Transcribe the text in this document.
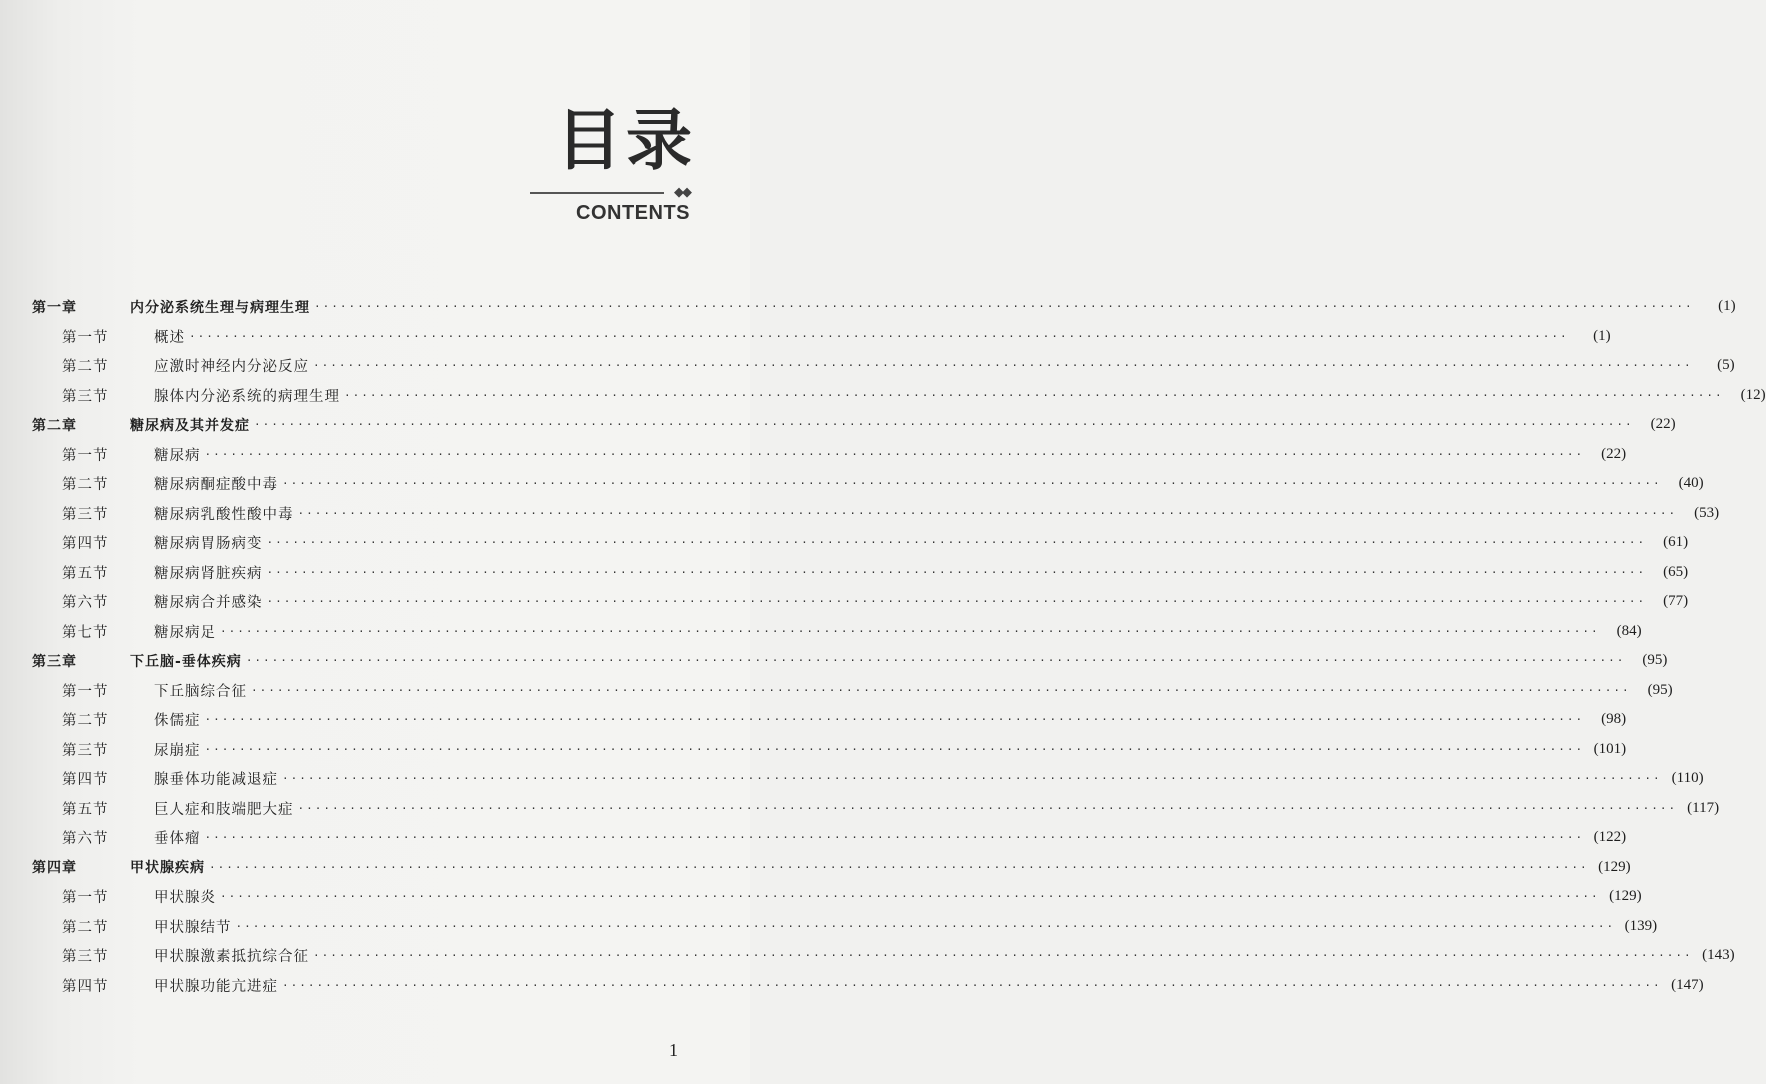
目录
◆◆
CONTENTS
第一章	内分泌系统生理与病理生理 ································································································································································	(1)
第一节	概述 ································································································································································	(1)
第二节	应激时神经内分泌反应 ································································································································································	(5)
第三节	腺体内分泌系统的病理生理 ································································································································································	(12)
第二章	糖尿病及其并发症 ································································································································································	(22)
第一节	糖尿病 ································································································································································	(22)
第二节	糖尿病酮症酸中毒 ································································································································································	(40)
第三节	糖尿病乳酸性酸中毒 ································································································································································	(53)
第四节	糖尿病胃肠病变 ································································································································································	(61)
第五节	糖尿病肾脏疾病 ································································································································································	(65)
第六节	糖尿病合并感染 ································································································································································	(77)
第七节	糖尿病足 ································································································································································	(84)
第三章	下丘脑-垂体疾病 ································································································································································	(95)
第一节	下丘脑综合征 ································································································································································	(95)
第二节	侏儒症 ································································································································································	(98)
第三节	尿崩症 ································································································································································ (101)
第四节	腺垂体功能减退症 ································································································································································ (110)
第五节	巨人症和肢端肥大症 ································································································································································ (117)
第六节	垂体瘤 ································································································································································ (122)
第四章	甲状腺疾病 ································································································································································ (129)
第一节	甲状腺炎 ································································································································································ (129)
第二节	甲状腺结节 ································································································································································ (139)
第三节	甲状腺激素抵抗综合征 ································································································································································ (143)
第四节	甲状腺功能亢进症 ································································································································································ (147)
1
